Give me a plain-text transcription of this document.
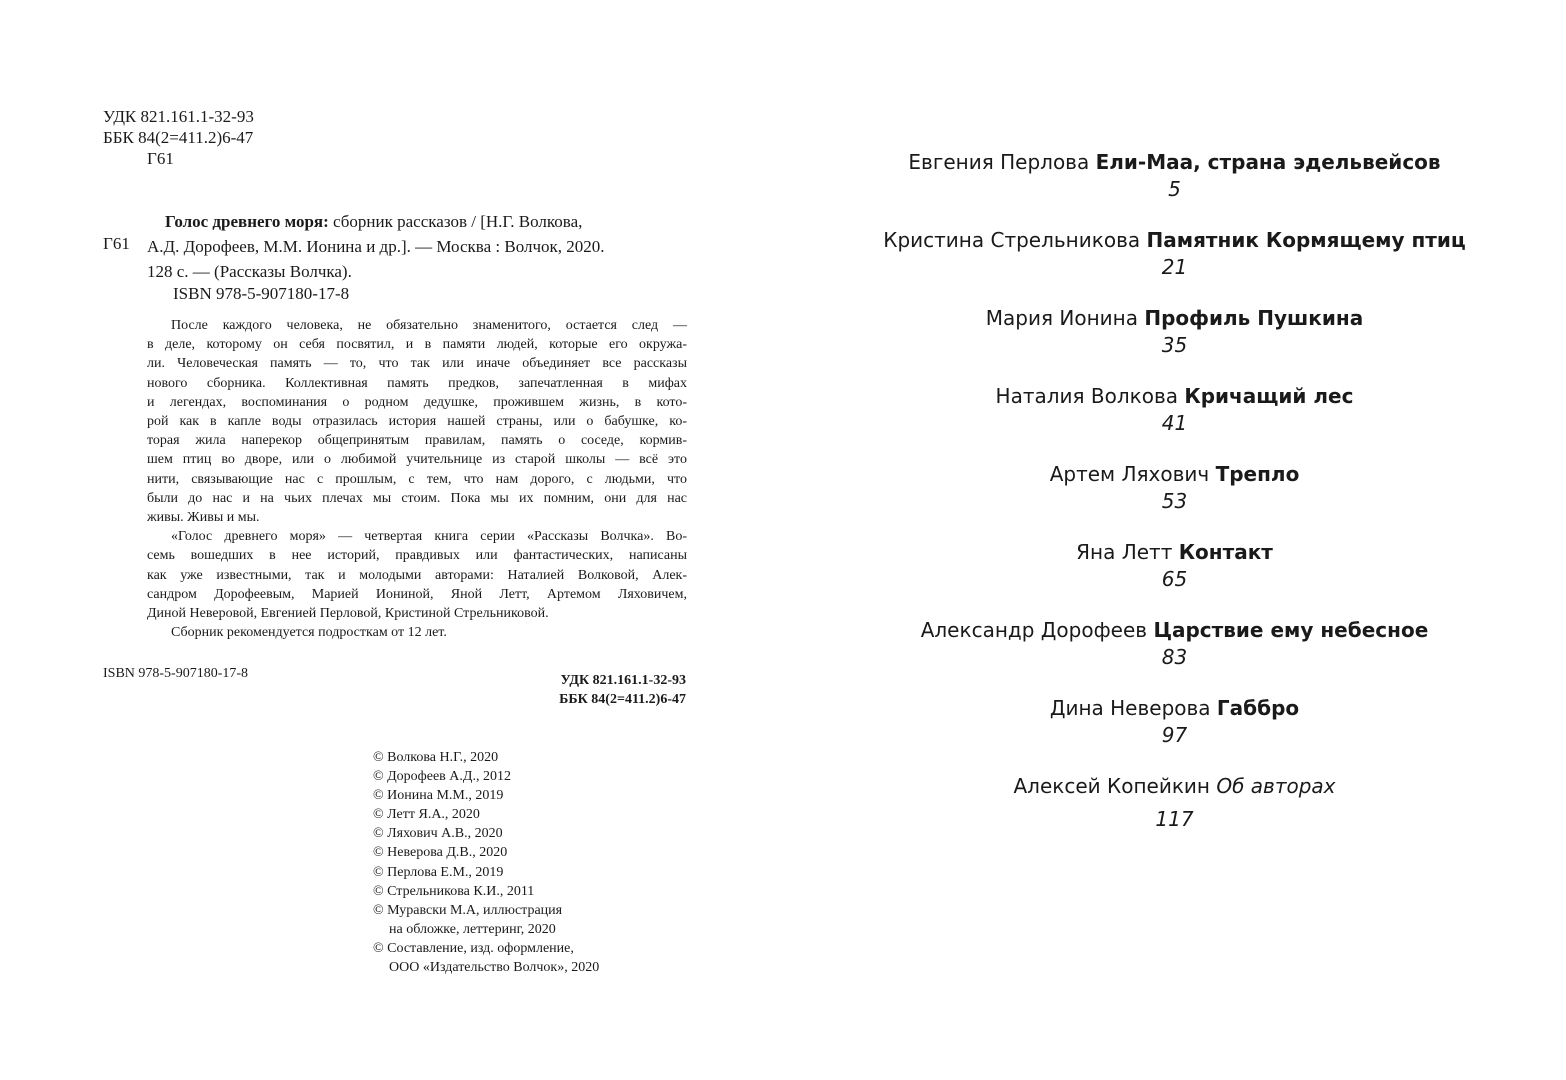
УДК 821.161.1-32-93
ББК 84(2=411.2)6-47
Г61
Г61

Голос древнего моря: сборник рассказов / [Н.Г. Волкова,

А.Д. Дорофеев, М.М. Ионина и др.]. — Москва : Волчок, 2020.

128 с. — (Рассказы Волчка).

ISBN 978-5-907180-17-8
После каждого человека, не обязательно знаменитого, остается след —
в деле, которому он себя посвятил, и в памяти людей, которые его окружа-
ли. Человеческая память — то, что так или иначе объединяет все рассказы
нового сборника. Коллективная память предков, запечатленная в мифах
и легендах, воспоминания о родном дедушке, прожившем жизнь, в кото-
рой как в капле воды отразилась история нашей страны, или о бабушке, ко-
торая жила наперекор общепринятым правилам, память о соседе, кормив-
шем птиц во дворе, или о любимой учительнице из старой школы — всё это
нити, связывающие нас с прошлым, с тем, что нам дорого, с людьми, что
были до нас и на чьих плечах мы стоим. Пока мы их помним, они для нас
живы. Живы и мы.
«Голос древнего моря» — четвертая книга серии «Рассказы Волчка». Во-
семь вошедших в нее историй, правдивых или фантастических, написаны
как уже известными, так и молодыми авторами: Наталией Волковой, Алек-
сандром Дорофеевым, Марией Иониной, Яной Летт, Артемом Ляховичем,
Диной Неверовой, Евгенией Перловой, Кристиной Стрельниковой.
Сборник рекомендуется подросткам от 12 лет.
ISBN 978-5-907180-17-8	УДК 821.161.1-32-93
ББК 84(2=411.2)6-47
© Волкова Н.Г., 2020
© Дорофеев А.Д., 2012
© Ионина М.М., 2019
© Летт Я.А., 2020
© Ляхович А.В., 2020
© Неверова Д.В., 2020
© Перлова Е.М., 2019
© Стрельникова К.И., 2011
© Муравски М.А, иллюстрация
на обложке, леттеринг, 2020
© Составление, изд. оформление,
ООО «Издательство Волчок», 2020
Евгения Перлова Ели-Маа, страна эдельвейсов
5
Кристина Стрельникова Памятник Кормящему птиц
21
Мария Ионина Профиль Пушкина
35
Наталия Волкова Кричащий лес
41
Артем Ляхович Трепло
53
Яна Летт Контакт
65
Александр Дорофеев Царствие ему небесное
83
Дина Неверова Габбро
97
Алексей Копейкин Об авторах
117
